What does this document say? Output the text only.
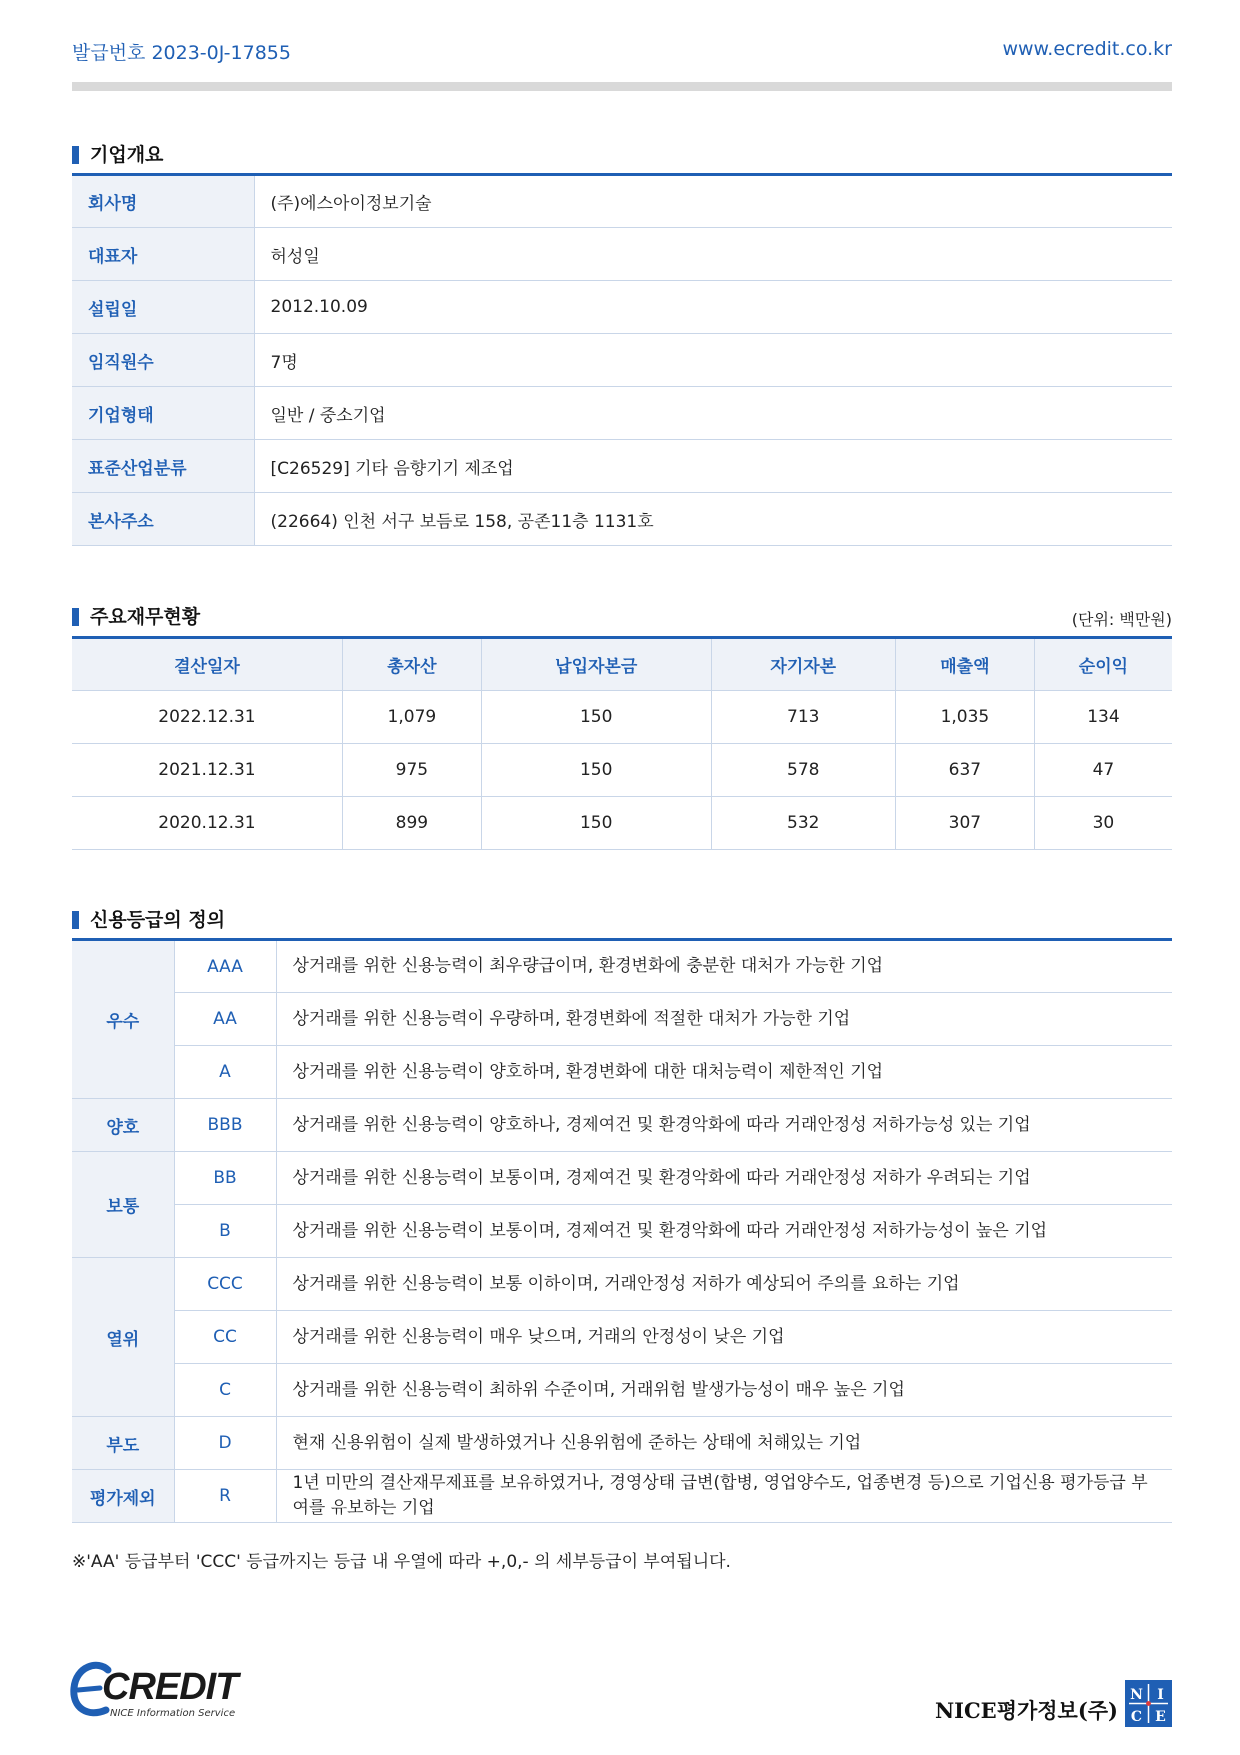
발급번호 2023-0J-17855	www.ecredit.co.kr
기업개요
회사명	(주)에스아이정보기술
대표자	허성일
설립일	2012.10.09
임직원수	7명
기업형태	일반 / 중소기업
표준산업분류	[C26529] 기타 음향기기 제조업
본사주소	(22664) 인천 서구 보듬로 158, 공존11층 1131호
주요재무현황	(단위: 백만원)
결산일자	총자산	납입자본금	자기자본	매출액	순이익
2022.12.31	1,079	150	713	1,035	134
2021.12.31	975	150	578	637	47
2020.12.31	899	150	532	307	30
신용등급의 정의
우수	AAA	상거래를 위한 신용능력이 최우량급이며, 환경변화에 충분한 대처가 가능한 기업
	AA	상거래를 위한 신용능력이 우량하며, 환경변화에 적절한 대처가 가능한 기업
	A	상거래를 위한 신용능력이 양호하며, 환경변화에 대한 대처능력이 제한적인 기업
양호	BBB	상거래를 위한 신용능력이 양호하나, 경제여건 및 환경악화에 따라 거래안정성 저하가능성 있는 기업
보통	BB	상거래를 위한 신용능력이 보통이며, 경제여건 및 환경악화에 따라 거래안정성 저하가 우려되는 기업
	B	상거래를 위한 신용능력이 보통이며, 경제여건 및 환경악화에 따라 거래안정성 저하가능성이 높은 기업
열위	CCC	상거래를 위한 신용능력이 보통 이하이며, 거래안정성 저하가 예상되어 주의를 요하는 기업
	CC	상거래를 위한 신용능력이 매우 낮으며, 거래의 안정성이 낮은 기업
	C	상거래를 위한 신용능력이 최하위 수준이며, 거래위험 발생가능성이 매우 높은 기업
부도	D	현재 신용위험이 실제 발생하였거나 신용위험에 준하는 상태에 처해있는 기업
평가제외	R	1년 미만의 결산재무제표를 보유하였거나, 경영상태 급변(합병, 영업양수도, 업종변경 등)으로 기업신용 평가등급 부여를 유보하는 기업
※'AA' 등급부터 'CCC' 등급까지는 등급 내 우열에 따라 +,0,- 의 세부등급이 부여됩니다.
CREDIT
NICE Information Service	NICE평가정보(주)
N I
C E
